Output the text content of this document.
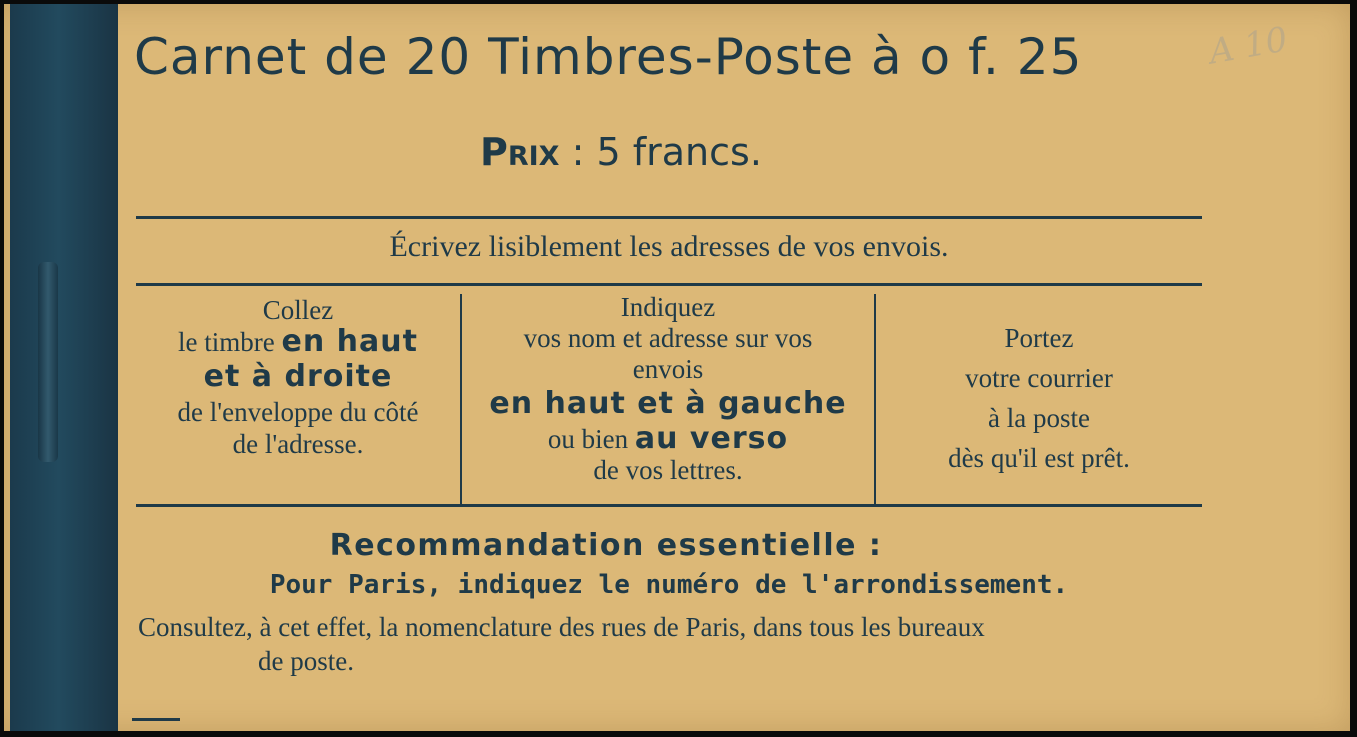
Carnet de 20 Timbres-Poste à o f. 25
Prix : 5 francs.
A 10
Écrivez lisiblement les adresses de vos envois.
Collez
le timbre en haut
et à droite
de l'enveloppe du côté
de l'adresse.
Indiquez
vos nom et adresse sur vos
envois
en haut et à gauche
ou bien au verso
de vos lettres.
Portez
votre courrier
à la poste
dès qu'il est prêt.
Recommandation essentielle :
Pour Paris, indiquez le numéro de l'arrondissement.
Consultez, à cet effet, la nomenclature des rues de Paris, dans tous les bureaux
de poste.
